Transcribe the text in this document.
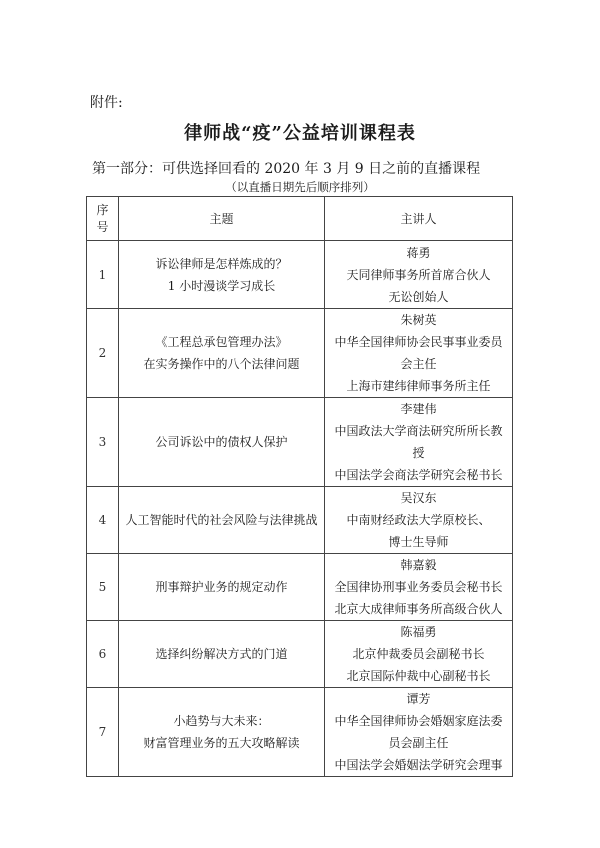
附件:
律师战“疫”公益培训课程表
第一部分：可供选择回看的 2020 年 3 月 9 日之前的直播课程
（以直播日期先后顺序排列）
序号	主题	主讲人
1	诉讼律师是怎样炼成的？
1 小时漫谈学习成长	蒋勇
天同律师事务所首席合伙人
无讼创始人

2	《工程总承包管理办法》
在实务操作中的八个法律问题	朱树英
中华全国律师协会民事事业委员
会主任
上海市建纬律师事务所主任

3	公司诉讼中的债权人保护	李建伟
中国政法大学商法研究所所长教
授
中国法学会商法学研究会秘书长

4	人工智能时代的社会风险与法律挑战	吴汉东
中南财经政法大学原校长、
博士生导师

5	刑事辩护业务的规定动作	韩嘉毅
全国律协刑事业务委员会秘书长
北京大成律师事务所高级合伙人

6	选择纠纷解决方式的门道	陈福勇
北京仲裁委员会副秘书长
北京国际仲裁中心副秘书长

7	小趋势与大未来：
财富管理业务的五大攻略解读	谭芳
中华全国律师协会婚姻家庭法委
员会副主任
中国法学会婚姻法学研究会理事
